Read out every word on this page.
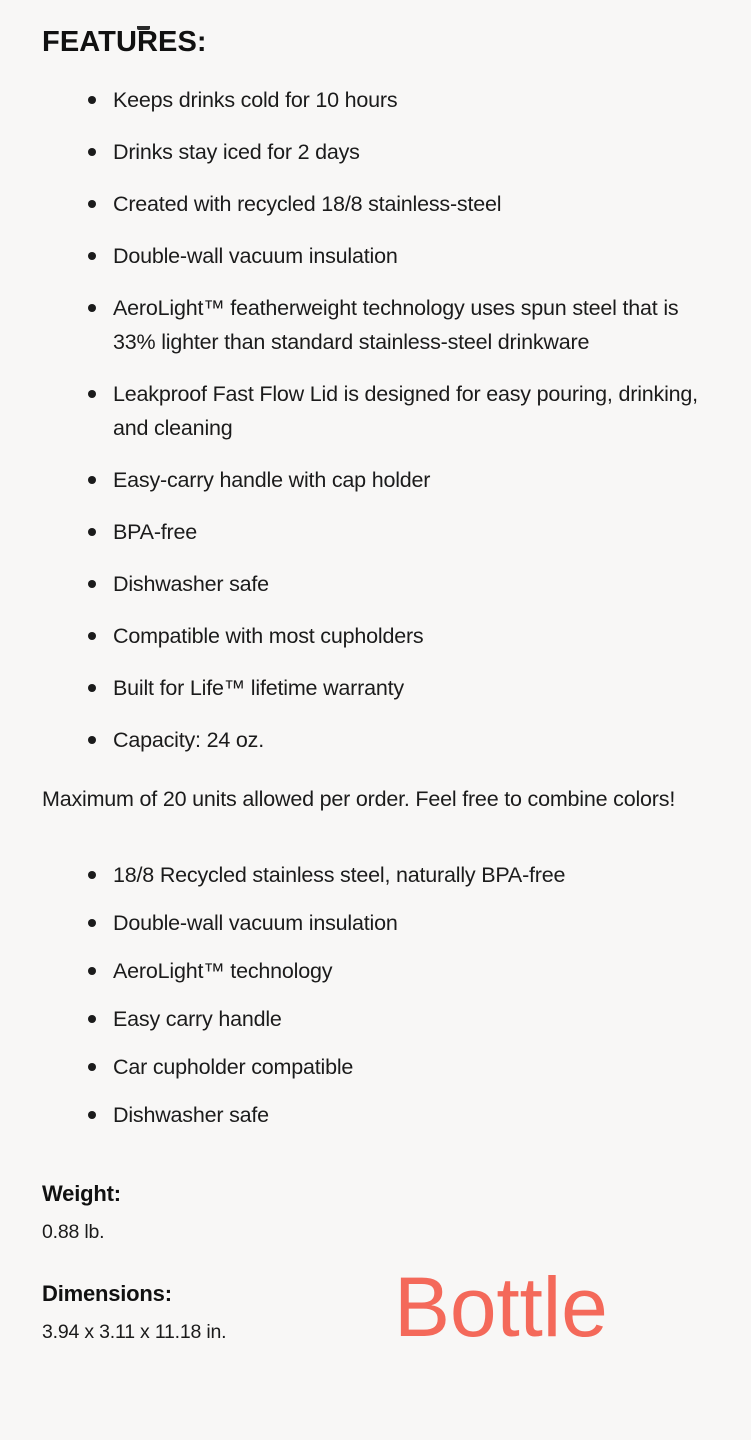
FEATURES:
Keeps drinks cold for 10 hours
Drinks stay iced for 2 days
Created with recycled 18/8 stainless-steel
Double-wall vacuum insulation
AeroLight™ featherweight technology uses spun steel that is 33% lighter than standard stainless-steel drinkware
Leakproof Fast Flow Lid is designed for easy pouring, drinking, and cleaning
Easy-carry handle with cap holder
BPA-free
Dishwasher safe
Compatible with most cupholders
Built for Life™ lifetime warranty
Capacity: 24 oz.

Maximum of 20 units allowed per order. Feel free to combine colors!

18/8 Recycled stainless steel, naturally BPA-free
Double-wall vacuum insulation
AeroLight™ technology
Easy carry handle
Car cupholder compatible
Dishwasher safe
Weight:
0.88 lb.
Dimensions:
3.94 x 3.11 x 11.18 in.	Bottle
